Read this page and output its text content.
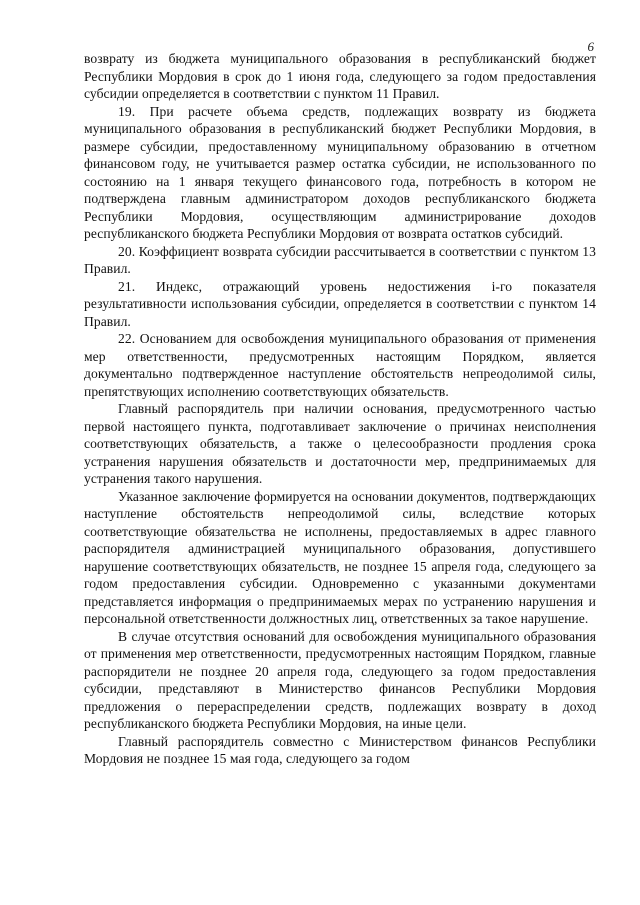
6

возврату из бюджета муниципального образования в республиканский бюджет Республики Мордовия в срок до 1 июня года, следующего за годом предоставления субсидии определяется в соответствии с пунктом 11 Правил.

19. При расчете объема средств, подлежащих возврату из бюджета муниципального образования в республиканский бюджет Республики Мордовия, в размере субсидии, предоставленному муниципальному образованию в отчетном финансовом году, не учитывается размер остатка субсидии, не использованного по состоянию на 1 января текущего финансового года, потребность в котором не подтверждена главным администратором доходов республиканского бюджета Республики Мордовия, осуществляющим администрирование доходов республиканского бюджета Республики Мордовия от возврата остатков субсидий.

20. Коэффициент возврата субсидии рассчитывается в соответствии с пунктом 13 Правил.

21. Индекс, отражающий уровень недостижения i-го показателя результативности использования субсидии, определяется в соответствии с пунктом 14 Правил.

22. Основанием для освобождения муниципального образования от применения мер ответственности, предусмотренных настоящим Порядком, является документально подтвержденное наступление обстоятельств непреодолимой силы, препятствующих исполнению соответствующих обязательств.

Главный распорядитель при наличии основания, предусмотренного частью первой настоящего пункта, подготавливает заключение о причинах неисполнения соответствующих обязательств, а также о целесообразности продления срока устранения нарушения обязательств и достаточности мер, предпринимаемых для устранения такого нарушения.

Указанное заключение формируется на основании документов, подтверждающих наступление обстоятельств непреодолимой силы, вследствие которых соответствующие обязательства не исполнены, предоставляемых в адрес главного распорядителя администрацией муниципального образования, допустившего нарушение соответствующих обязательств, не позднее 15 апреля года, следующего за годом предоставления субсидии. Одновременно с указанными документами представляется информация о предпринимаемых мерах по устранению нарушения и персональной ответственности должностных лиц, ответственных за такое нарушение.

В случае отсутствия оснований для освобождения муниципального образования от применения мер ответственности, предусмотренных настоящим Порядком, главные распорядители не позднее 20 апреля года, следующего за годом предоставления субсидии, представляют в Министерство финансов Республики Мордовия предложения о перераспределении средств, подлежащих возврату в доход республиканского бюджета Республики Мордовия, на иные цели.

Главный распорядитель совместно с Министерством финансов Республики Мордовия не позднее 15 мая года, следующего за годом
